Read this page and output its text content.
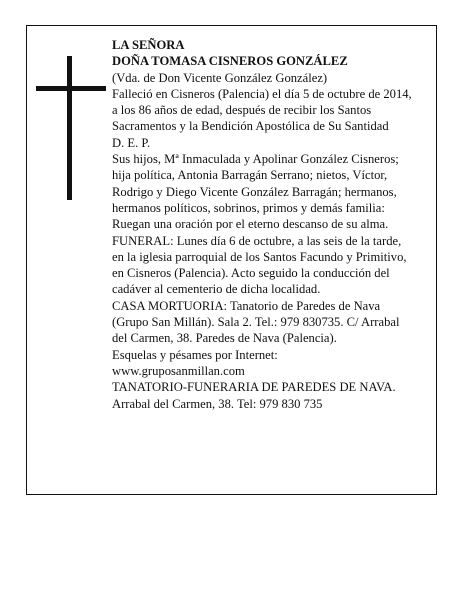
LA SEÑORA
DOÑA TOMASA CISNEROS GONZÁLEZ
(Vda. de Don Vicente González González)
Falleció en Cisneros (Palencia) el día 5 de octubre de 2014, a los 86 años de edad, después de recibir los Santos Sacramentos y la Bendición Apostólica de Su Santidad
D. E. P.
Sus hijos, Mª Inmaculada y Apolinar González Cisneros; hija política, Antonia Barragán Serrano; nietos, Víctor, Rodrigo y Diego Vicente González Barragán; hermanos, hermanos políticos, sobrinos, primos y demás familia:
Ruegan una oración por el eterno descanso de su alma.
FUNERAL: Lunes día 6 de octubre, a las seis de la tarde, en la iglesia parroquial de los Santos Facundo y Primitivo, en Cisneros (Palencia). Acto seguido la conducción del cadáver al cementerio de dicha localidad.
CASA MORTUORIA: Tanatorio de Paredes de Nava (Grupo San Millán). Sala 2. Tel.: 979 830735. C/ Arrabal del Carmen, 38. Paredes de Nava (Palencia).
Esquelas y pésames por Internet:
www.gruposanmillan.com
TANATORIO-FUNERARIA DE PAREDES DE NAVA. Arrabal del Carmen, 38. Tel: 979 830 735
